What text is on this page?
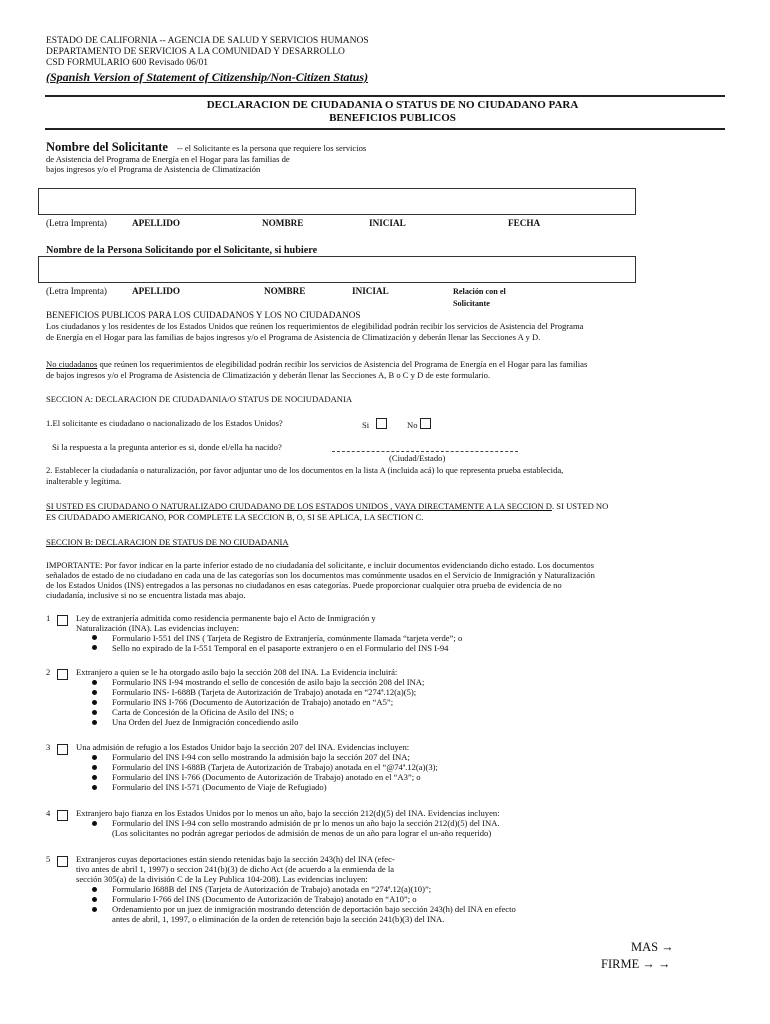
ESTADO DE CALIFORNIA -- AGENCIA DE SALUD Y SERVICIOS HUMANOS
DEPARTAMENTO DE SERVICIOS A LA COMUNIDAD Y DESARROLLO
CSD FORMULARIO 600 Revisado 06/01
(Spanish Version of Statement of Citizenship/Non-Citizen Status)
DECLARACION DE CIUDADANIA O STATUS DE NO CIUDADANO PARA
BENEFICIOS PUBLICOS
Nombre del Solicitante -- el Solicitante es la persona que requiere los servicios
de Asistencia del Programa de Energía en el Hogar para las familias de
bajos ingresos y/o el Programa de Asistencia de Climatización
(Letra Imprenta)	APELLIDO	NOMBRE	INICIAL	FECHA
Nombre de la Persona Solicitando por el Solicitante, si hubiere
(Letra Imprenta)	APELLIDO	NOMBRE	INICIAL	Relación con el
Solicitante
BENEFICIOS PUBLICOS PARA LOS CUIDADANOS Y LOS NO CIUDADANOS
Los ciudadanos y los residentes de los Estados Unidos que reúnen los requerimientos de elegibilidad podrán recibir los servicios de Asistencia del Programa
de Energía en el Hogar para las familias de bajos ingresos y/o el Programa de Asistencia de Climatización y deberán llenar las Secciones A y D.
No ciudadanos que reúnen los requerimientos de elegibilidad podrán recibir los servicios de Asistencia del Programa de Energía en el Hogar para las familias
de bajos ingresos y/o el Programa de Asistencia de Climatización y deberán llenar las Secciones A, B o C y D de este formulario.
SECCION A: DECLARACION DE CIUDADANIA/O STATUS DE NOCIUDADANIA
1.El solicitante es ciudadano o nacionalizado de los Estados Unidos?	Si	No
Si la respuesta a la pregunta anterior es si, donde el/ella ha nacido?
(Ciudad/Estado)
2. Establecer la ciudadanía o naturalización, por favor adjuntar uno de los documentos en la lista A (incluida acá) lo que representa prueba establecida,
inalterable y legítima.
SI USTED ES CIUDADANO O NATURALIZADO CIUDADANO DE LOS ESTADOS UNIDOS , VAYA DIRECTAMENTE A LA SECCION D. SI USTED NO
ES CIUDADADO AMERICANO, POR COMPLETE LA SECCION B, O, SI SE APLICA, LA SECTION C.
SECCION B: DECLARACION DE STATUS DE NO CIUDADANIA
IMPORTANTE: Por favor indicar en la parte inferior estado de no ciudadanía del solicitante, e incluir documentos evidenciando dicho estado. Los documentos
señalados de estado de no ciudadano en cada una de las categorías son los documentos mas comúnmente usados en el Servicio de Inmigración y Naturalización
de los Estados Unidos (INS) entregados a las personas no ciudadanos en esas categorías. Puede proporcionar cualquier otra prueba de evidencia de no
ciudadanía, inclusive si no se encuentra listada mas abajo.
1	Ley de extranjería admitida como residencia permanente bajo el Acto de Inmigración y
Naturalización (INA). Las evidencias incluyen:
Formulario I-551 del INS ( Tarjeta de Registro de Extranjería, comúnmente llamada “tarjeta verde”; o
Sello no expirado de la I-551 Temporal en el pasaporte extranjero o en el Formulario del INS I-94
2	Extranjero a quien se le ha otorgado asilo bajo la sección 208 del INA. La Evidencia incluirá:
Formulario INS I-94 mostrando el sello de concesión de asilo bajo la sección 208 del INA;
Formulario INS- I-688B (Tarjeta de Autorización de Trabajo) anotada en “274ª.12(a)(5);
Formulario INS I-766 (Documento de Autorización de Trabajo) anotado en “A5”;
Carta de Concesión de la Oficina de Asilo del INS; o
Una Orden del Juez de Inmigración concediendo asilo
3	Una admisión de refugio a los Estados Unidor bajo la sección 207 del INA. Evidencias incluyen:
Formulario del INS I-94 con sello mostrando la admisión bajo la sección 207 del INA;
Formulario del INS I-688B (Tarjeta de Autorización de Trabajo) anotada en el “@74ª.12(a)(3);
Formulario del INS I-766 (Documento de Autorización de Trabajo) anotado en el “A3”; o
Formulario del INS I-571 (Documento de Viaje de Refugiado)
4	Extranjero bajo fianza en los Estados Unidos por lo menos un año, bajo la sección 212(d)(5) del INA. Evidencias incluyen:
Formulario del INS I-94 con sello mostrando admisión de pr lo menos un año bajo la sección 212(d)(5) del INA.
(Los solicitantes no podrán agregar periodos de admisión de menos de un año para lograr el un-año requerido)
5	Extranjeros cuyas deportaciones están siendo retenidas bajo la sección 243(h) del INA (efec-
tivo antes de abril 1, 1997) o seccion 241(b)(3) de dicho Act (de acuerdo a la enmienda de la
sección 305(a) de la división C de la Ley Publica 104-208). Las evidencias incluyen:
Formulario I688B del INS (Tarjeta de Autorización de Trabajo) anotada en “274ª.12(a)(10)”;
Formulario I-766 del INS (Documento de Autorización de Trabajo) anotado en “A10”; o
Ordenamiento por un juez de inmigración mostrando detención de deportación bajo sección 243(h) del INA en efecto
antes de abril, 1, 1997, o eliminación de la orden de retención bajo la sección 241(b)(3) del INA.
MAS →
FIRME → →
